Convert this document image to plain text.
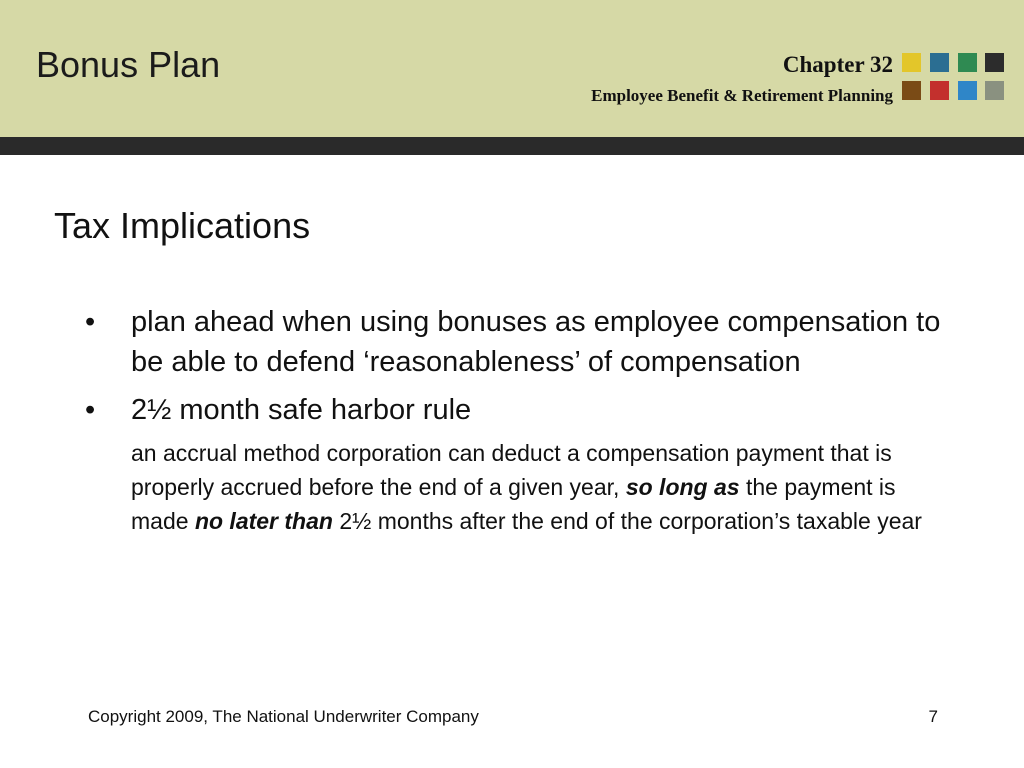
Bonus Plan	Chapter 32
Employee Benefit & Retirement Planning
Tax Implications
• plan ahead when using bonuses as employee compensation to be able to defend ‘reasonableness’ of compensation
• 2½ month safe harbor rule
an accrual method corporation can deduct a compensation payment that is properly accrued before the end of a given year, so long as the payment is made no later than 2½ months after the end of the corporation’s taxable year
Copyright 2009, The National Underwriter Company	7
